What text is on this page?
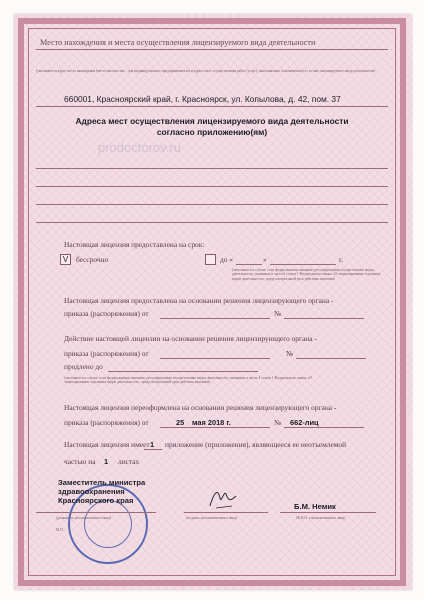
Место нахождения и места осуществления лицензируемого вида деятельности
(указываются адрес места нахождения (места жительства – для индивидуального предпринимателя) и адреса мест осуществления работ (услуг), выполняемых (оказываемых) в составе лицензируемого вида деятельности)
660001, Красноярский край, г. Красноярск, ул. Копылова, д. 42, пом. 37
Адреса мест осуществления лицензируемого вида деятельности согласно приложению(ям)
prodoctorov.ru
Настоящая лицензия предоставлена на срок:
V	бессрочно	до «	»	г.
(заполняется в случае, если федеральными законами, регулирующими осуществление видов деятельности, указанных в части 4 статьи 1 Федерального закона «О лицензировании отдельных видов деятельности», предусмотрен иной срок действия лицензии)
Настоящая лицензия предоставлена на основании решения лицензирующего органа -
приказа (распоряжения) от	№
Действие настоящей лицензии на основании решения лицензирующего органа -
приказа (распоряжения) от	№
продлено до
(заполняется в случае, если федеральными законами, регулирующими осуществление видов деятельности, указанных в части 4 статьи 1 Федерального закона «О лицензировании отдельных видов деятельности», предусмотрен иной срок действия лицензии)
Настоящая лицензия переоформлена на основании решения лицензирующего органа -
приказа (распоряжения) от	25 мая 2018 г.	№ 662-лиц
Настоящая лицензия имеет 1 приложение (приложения), являющееся ее неотъемлемой
частью на 1 листах
Заместитель министра здравоохранения Красноярского края
(должность уполномоченного лица)	(подпись уполномоченного лица)
Б.М. Немик
(Ф.И.О. уполномоченного лица)
М.П.
